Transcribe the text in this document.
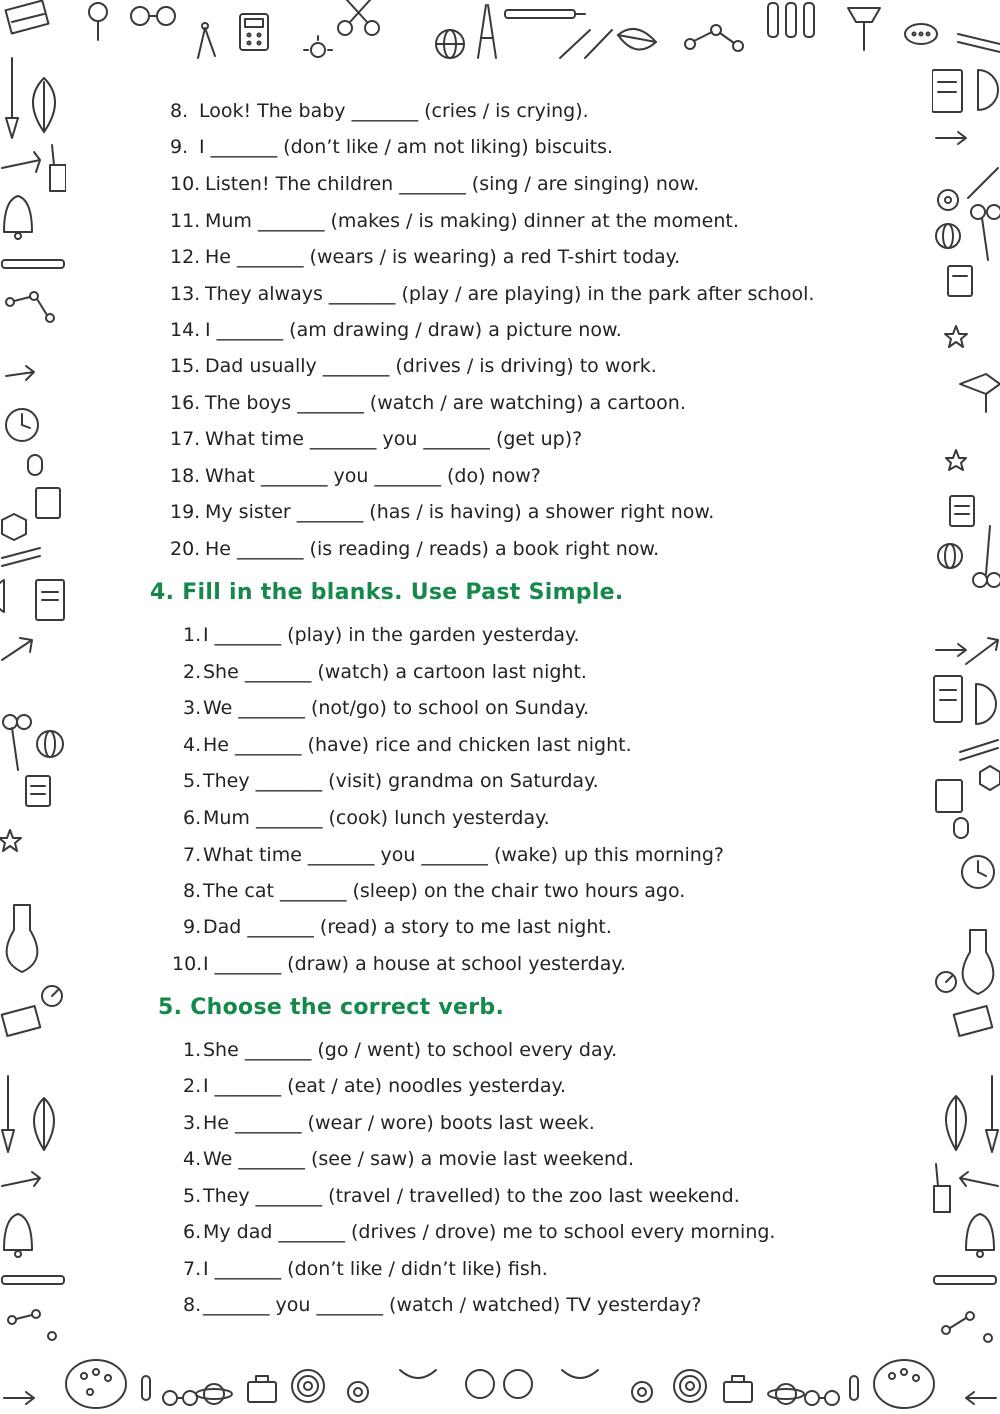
8. Look! The baby _______ (cries / is crying).
9. I _______ (don’t like / am not liking) biscuits.
10. Listen! The children _______ (sing / are singing) now.
11. Mum _______ (makes / is making) dinner at the moment.
12. He _______ (wears / is wearing) a red T-shirt today.
13. They always _______ (play / are playing) in the park after school.
14. I _______ (am drawing / draw) a picture now.
15. Dad usually _______ (drives / is driving) to work.
16. The boys _______ (watch / are watching) a cartoon.
17. What time _______ you _______ (get up)?
18. What _______ you _______ (do) now?
19. My sister _______ (has / is having) a shower right now.
20. He _______ (is reading / reads) a book right now.
4. Fill in the blanks. Use Past Simple.
1.I _______ (play) in the garden yesterday.
2.She _______ (watch) a cartoon last night.
3.We _______ (not/go) to school on Sunday.
4.He _______ (have) rice and chicken last night.
5.They _______ (visit) grandma on Saturday.
6.Mum _______ (cook) lunch yesterday.
7.What time _______ you _______ (wake) up this morning?
8.The cat _______ (sleep) on the chair two hours ago.
9.Dad _______ (read) a story to me last night.
10.I _______ (draw) a house at school yesterday.
5. Choose the correct verb.
1.She _______ (go / went) to school every day.
2.I _______ (eat / ate) noodles yesterday.
3.He _______ (wear / wore) boots last week.
4.We _______ (see / saw) a movie last weekend.
5.They _______ (travel / travelled) to the zoo last weekend.
6.My dad _______ (drives / drove) me to school every morning.
7.I _______ (don’t like / didn’t like) fish.
8._______ you _______ (watch / watched) TV yesterday?
